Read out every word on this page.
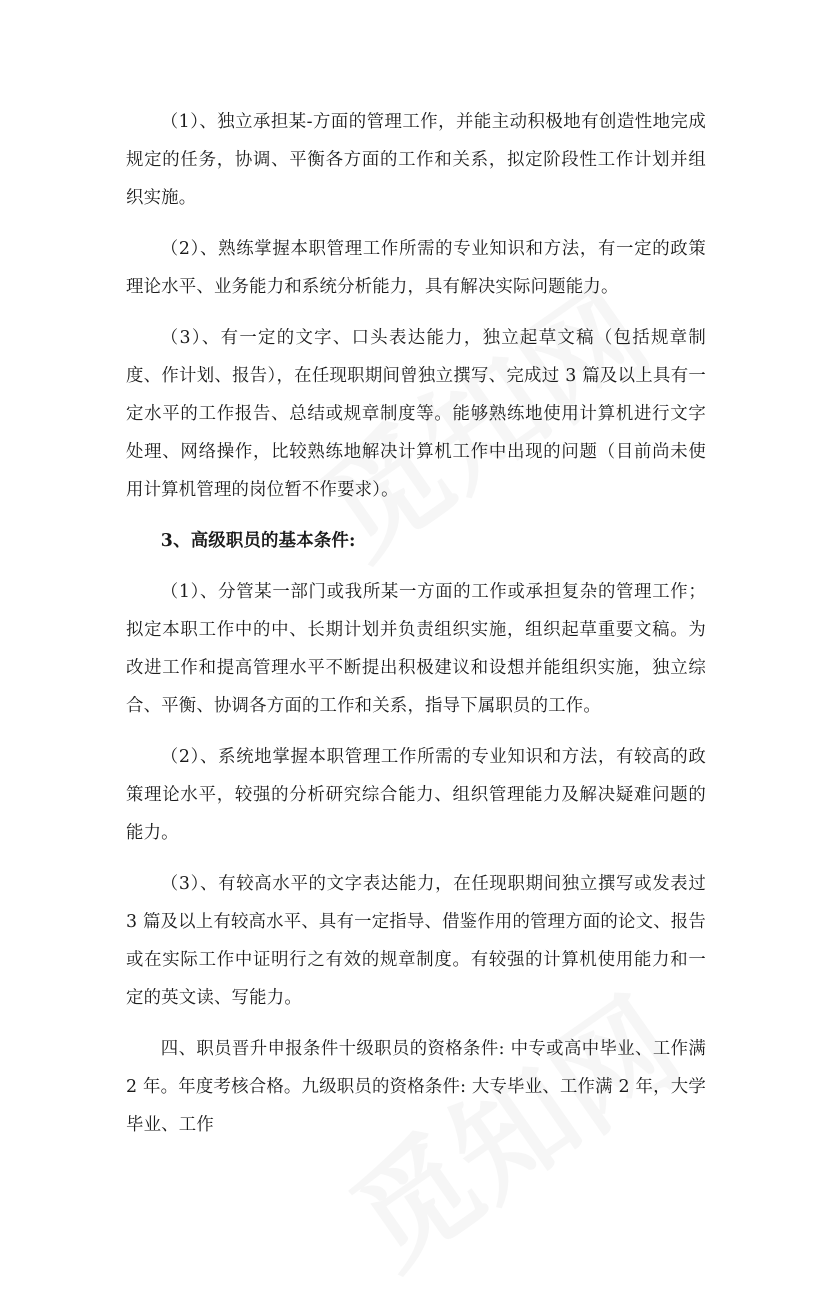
（1）、独立承担某-方面的管理工作，并能主动积极地有创造性地完成规定的任务，协调、平衡各方面的工作和关系，拟定阶段性工作计划并组织实施。

（2）、熟练掌握本职管理工作所需的专业知识和方法，有一定的政策理论水平、业务能力和系统分析能力，具有解决实际问题能力。

（3）、有一定的文字、口头表达能力，独立起草文稿（包括规章制度、作计划、报告），在任现职期间曾独立撰写、完成过 3 篇及以上具有一定水平的工作报告、总结或规章制度等。能够熟练地使用计算机进行文字处理、网络操作，比较熟练地解决计算机工作中出现的问题（目前尚未使用计算机管理的岗位暂不作要求）。

3、高级职员的基本条件:

（1）、分管某一部门或我所某一方面的工作或承担复杂的管理工作；拟定本职工作中的中、长期计划并负责组织实施，组织起草重要文稿。为改进工作和提高管理水平不断提出积极建议和设想并能组织实施，独立综合、平衡、协调各方面的工作和关系，指导下属职员的工作。

（2）、系统地掌握本职管理工作所需的专业知识和方法，有较高的政策理论水平，较强的分析研究综合能力、组织管理能力及解决疑难问题的能力。

（3）、有较高水平的文字表达能力，在任现职期间独立撰写或发表过 3 篇及以上有较高水平、具有一定指导、借鉴作用的管理方面的论文、报告或在实际工作中证明行之有效的规章制度。有较强的计算机使用能力和一定的英文读、写能力。

四、职员晋升申报条件十级职员的资格条件: 中专或高中毕业、工作满 2 年。年度考核合格。九级职员的资格条件: 大专毕业、工作满 2 年，大学毕业、工作
